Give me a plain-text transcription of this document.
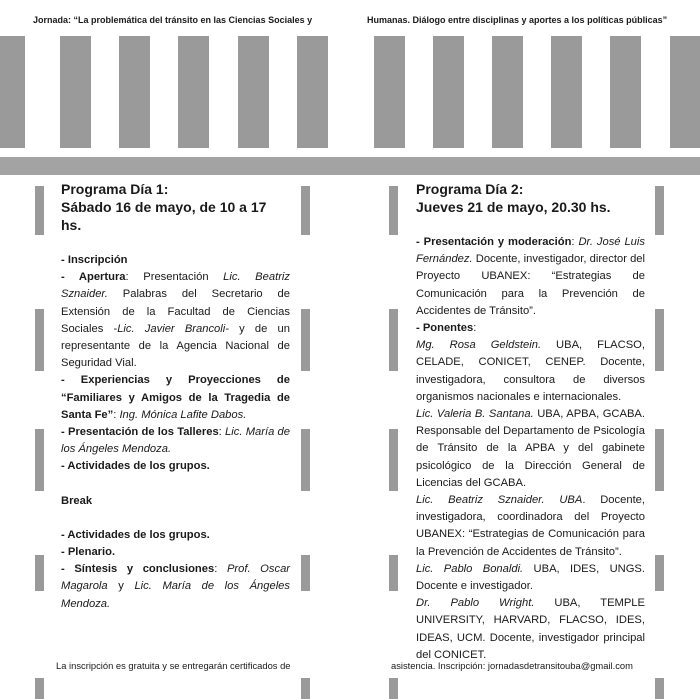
Jornada: “La problemática del tránsito en las Ciencias Sociales y	Humanas. Diálogo entre disciplinas y aportes a los políticas públicas”
Programa Día 1:
Sábado 16 de mayo, de 10 a 17 hs.

- Inscripción

- Apertura: Presentación Lic. Beatriz Sznaider. Palabras del Secretario de Extensión de la Facultad de Ciencias Sociales -Lic. Javier Brancoli- y de un representante de la Agencia Nacional de Seguridad Vial.

- Experiencias y Proyecciones de “Familiares y Amigos de la Tragedia de Santa Fe”: Ing. Mónica Lafite Dabos.

- Presentación de los Talleres: Lic. María de los Ángeles Mendoza.

- Actividades de los grupos.

Break

- Actividades de los grupos.

- Plenario.

- Síntesis y conclusiones: Prof. Oscar Magarola y Lic. María de los Ángeles Mendoza.

Programa Día 2:
Jueves 21 de mayo, 20.30 hs.

- Presentación y moderación: Dr. José Luis Fernández. Docente, investigador, director del Proyecto UBANEX: “Estrategias de Comunicación para la Prevención de Accidentes de Tránsito”.

- Ponentes:

Mg. Rosa Geldstein. UBA, FLACSO, CELADE, CONICET, CENEP. Docente, investigadora, consultora de diversos organismos nacionales e internacionales.

Lic. Valeria B. Santana. UBA, APBA, GCABA. Responsable del Departamento de Psicología de Tránsito de la APBA y del gabinete psicológico de la Dirección General de Licencias del GCABA.

Lic. Beatriz Sznaider. UBA. Docente, investigadora, coordinadora del Proyecto UBANEX: “Estrategias de Comunicación para la Prevención de Accidentes de Tránsito”.

Lic. Pablo Bonaldi. UBA, IDES, UNGS. Docente e investigador.

Dr. Pablo Wright. UBA, TEMPLE UNIVERSITY, HARVARD, FLACSO, IDES, IDEAS, UCM. Docente, investigador principal del CONICET.

La inscripción es gratuita y se entregarán certificados de	asistencia. Inscripción: jornadasdetransitouba@gmail.com
